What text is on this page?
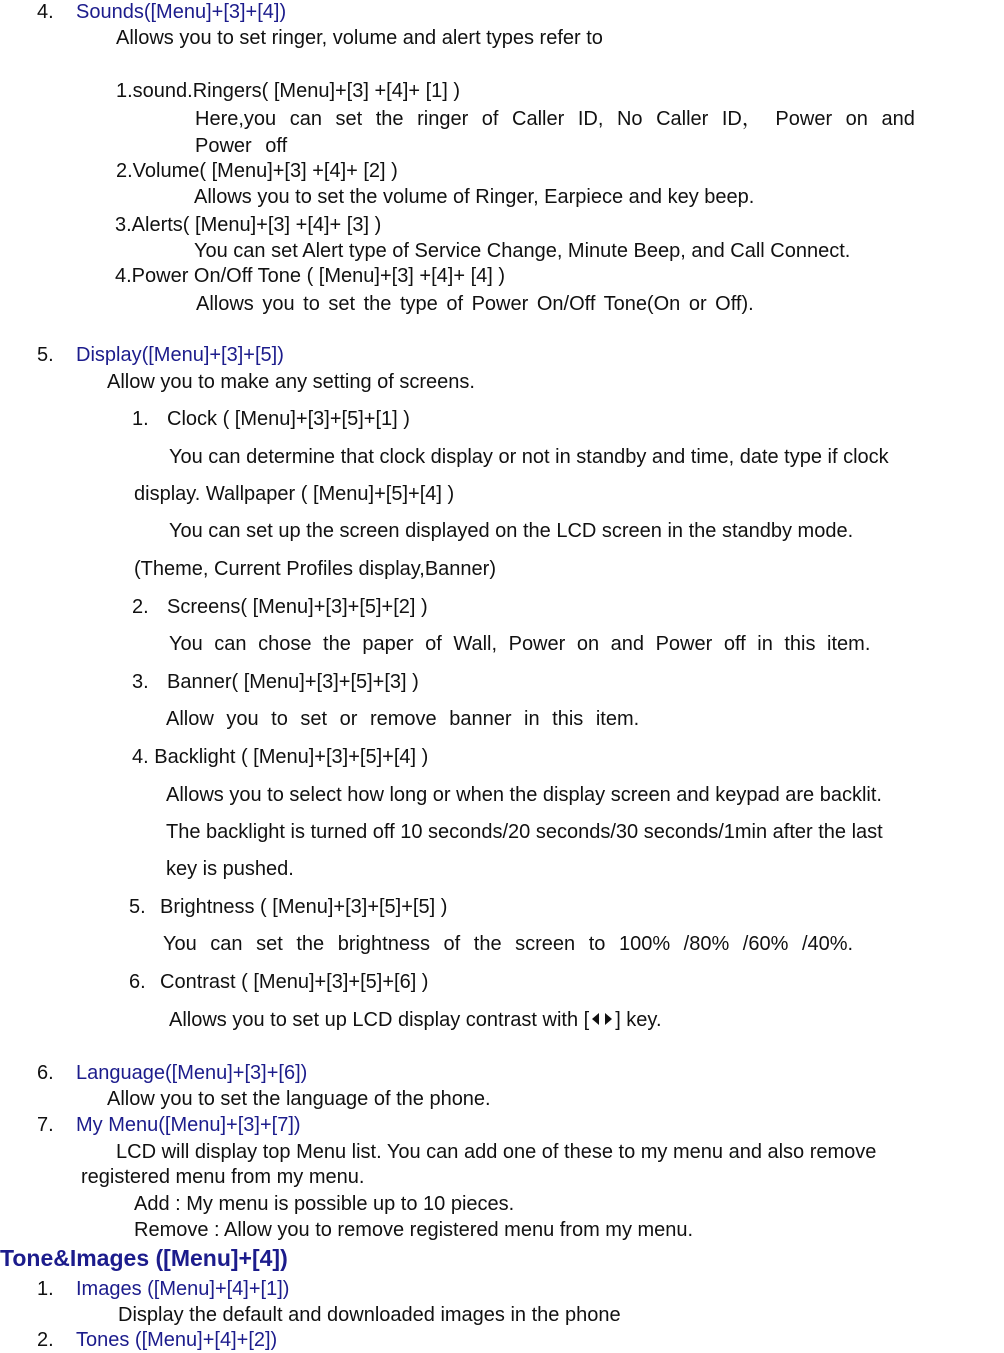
4. Sounds([Menu]+[3]+[4])
Allows you to set ringer, volume and alert types refer to
1.sound.Ringers( [Menu]+[3] +[4]+ [1] )
Here,you can set the ringer of Caller ID, No Caller ID， Power on and
Power off
2.Volume( [Menu]+[3] +[4]+ [2] )
Allows you to set the volume of Ringer, Earpiece and key beep.
3.Alerts( [Menu]+[3] +[4]+ [3] )
You can set Alert type of Service Change, Minute Beep, and Call Connect.
4.Power On/Off Tone ( [Menu]+[3] +[4]+ [4] )
Allows you to set the type of Power On/Off Tone(On or Off).
5. Display([Menu]+[3]+[5])
Allow you to make any setting of screens.
1. Clock ( [Menu]+[3]+[5]+[1] )
You can determine that clock display or not in standby and time, date type if clock
display. Wallpaper ( [Menu]+[5]+[4] )
You can set up the screen displayed on the LCD screen in the standby mode.
(Theme, Current Profiles display,Banner)
2. Screens( [Menu]+[3]+[5]+[2] )
You can chose the paper of Wall, Power on and Power off in this item.
3. Banner( [Menu]+[3]+[5]+[3] )
Allow you to set or remove banner in this item.
4. Backlight ( [Menu]+[3]+[5]+[4] )
Allows you to select how long or when the display screen and keypad are backlit.
The backlight is turned off 10 seconds/20 seconds/30 seconds/1min after the last
key is pushed.
5. Brightness ( [Menu]+[3]+[5]+[5] )
You can set the brightness of the screen to 100% /80% /60% /40%.
6. Contrast ( [Menu]+[3]+[5]+[6] )
Allows you to set up LCD display contrast with [ ] key.
6. Language([Menu]+[3]+[6])
Allow you to set the language of the phone.
7. My Menu([Menu]+[3]+[7])
LCD will display top Menu list. You can add one of these to my menu and also remove
registered menu from my menu.
Add : My menu is possible up to 10 pieces.
Remove : Allow you to remove registered menu from my menu.
Tone&Images ([Menu]+[4])
1. Images ([Menu]+[4]+[1])
Display the default and downloaded images in the phone
2. Tones ([Menu]+[4]+[2])
